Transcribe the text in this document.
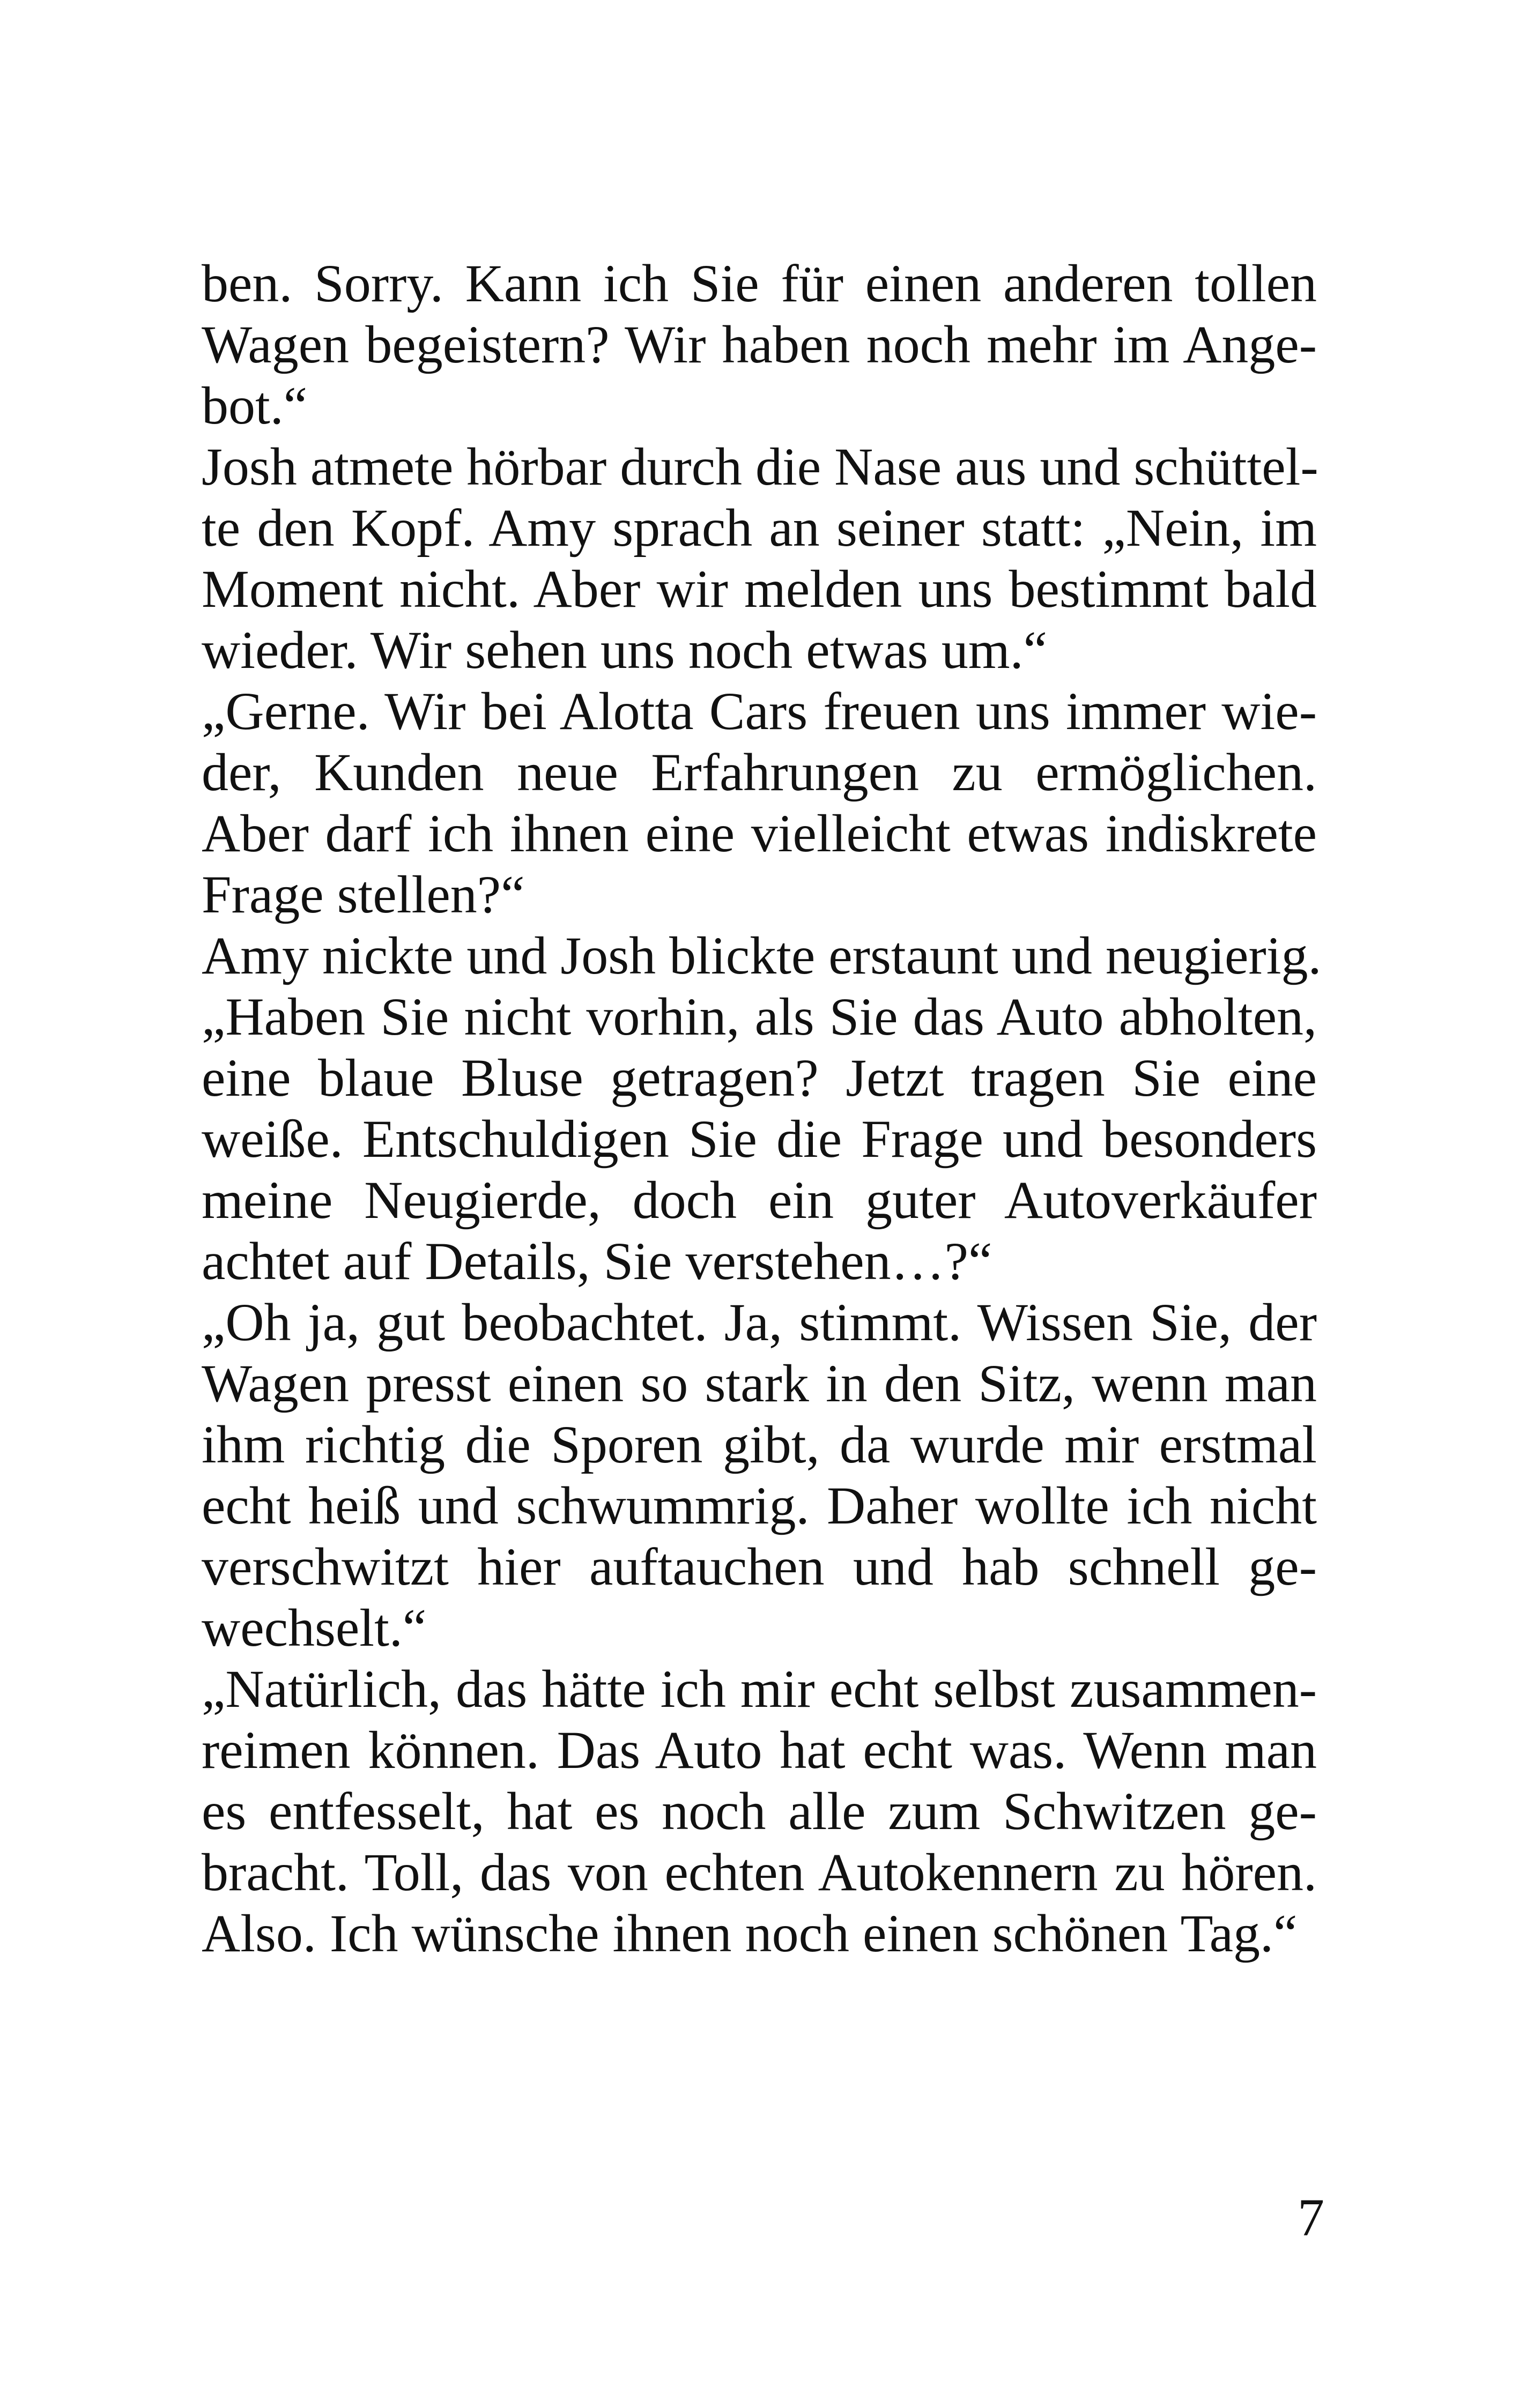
ben. Sorry. Kann ich Sie für einen anderen tollen
Wagen begeistern? Wir haben noch mehr im Ange-
bot.“
Josh atmete hörbar durch die Nase aus und schüttel-
te den Kopf. Amy sprach an seiner statt: „Nein, im
Moment nicht. Aber wir melden uns bestimmt bald
wieder. Wir sehen uns noch etwas um.“
„Gerne. Wir bei Alotta Cars freuen uns immer wie-
der, Kunden neue Erfahrungen zu ermöglichen.
Aber darf ich ihnen eine vielleicht etwas indiskrete
Frage stellen?“
Amy nickte und Josh blickte erstaunt und neugierig.
„Haben Sie nicht vorhin, als Sie das Auto abholten,
eine blaue Bluse getragen? Jetzt tragen Sie eine
weiße. Entschuldigen Sie die Frage und besonders
meine Neugierde, doch ein guter Autoverkäufer
achtet auf Details, Sie verstehen…?“
„Oh ja, gut beobachtet. Ja, stimmt. Wissen Sie, der
Wagen presst einen so stark in den Sitz, wenn man
ihm richtig die Sporen gibt, da wurde mir erstmal
echt heiß und schwummrig. Daher wollte ich nicht
verschwitzt hier auftauchen und hab schnell ge-
wechselt.“
„Natürlich, das hätte ich mir echt selbst zusammen-
reimen können. Das Auto hat echt was. Wenn man
es entfesselt, hat es noch alle zum Schwitzen ge-
bracht. Toll, das von echten Autokennern zu hören.
Also. Ich wünsche ihnen noch einen schönen Tag.“
7
